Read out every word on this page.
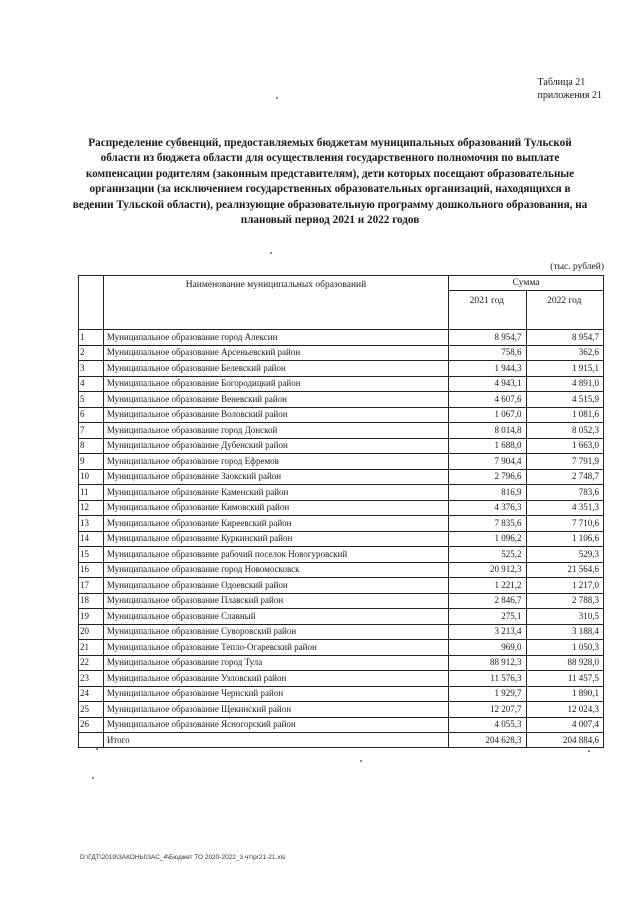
Таблица 21
приложения 21
Распределение субвенций, предоставляемых бюджетам муниципальных образований Тульской области из бюджета области для осуществления государственного полномочия по выплате компенсации родителям (законным представителям), дети которых посещают образовательные организации (за исключением государственных образовательных организаций, находящихся в ведении Тульской области), реализующие образовательную программу дошкольного образования, на плановый период 2021 и 2022 годов
(тыс. рублей)
	Наименование муниципальных образований	Сумма	
		2021 год	2022 год
1	Муниципальное образование город Алексин	8 954,7	8 954,7
2	Муниципальное образование Арсеньевский район	758,6	362,6
3	Муниципальное образование Белевский район	1 944,3	1 915,1
4	Муниципальное образование Богородицкий район	4 943,1	4 891,0
5	Муниципальное образование Веневский район	4 607,6	4 515,9
6	Муниципальное образование Воловский район	1 067,0	1 081,6
7	Муниципальное образование город Донской	8 014,8	8 052,3
8	Муниципальное образование Дубенский район	1 688,0	1 663,0
9	Муниципальное образование город Ефремов	7 904,4	7 791,9
10	Муниципальное образование Заокский район	2 796,6	2 748,7
11	Муниципальное образование Каменский район	816,9	783,6
12	Муниципальное образование Кимовский район	4 376,3	4 351,3
13	Муниципальное образование Киреевский район	7 835,6	7 710,6
14	Муниципальное образование Куркинский район	1 096,2	1 106,6
15	Муниципальное образование рабочий поселок Новогуровский	525,2	529,3
16	Муниципальное образование город Новомосковск	20 912,3	21 564,6
17	Муниципальное образование Одоевский район	1 221,2	1 217,0
18	Муниципальное образование Плавский район	2 846,7	2 788,3
19	Муниципальное образование Славный	275,1	310,5
20	Муниципальное образование Суворовский район	3 213,4	3 188,4
21	Муниципальное образование Тепло-Огаревский район	969,0	1 050,3
22	Муниципальное образование город Тула	88 912,3	88 928,0
23	Муниципальное образование Узловский район	11 576,3	11 457,5
24	Муниципальное образование Чернский район	1 929,7	1 890,1
25	Муниципальное образование Щекинский район	12 207,7	12 024,3
26	Муниципальное образование Ясногорский район	4 055,3	4 007,4
	Итого	204 628,3	204 884,6
D:\ГДТ\2019\ЗАКОНЫ\ЗАС_4\Бюджет ТО 2020-2022_3 чт\pr21-21.xls
